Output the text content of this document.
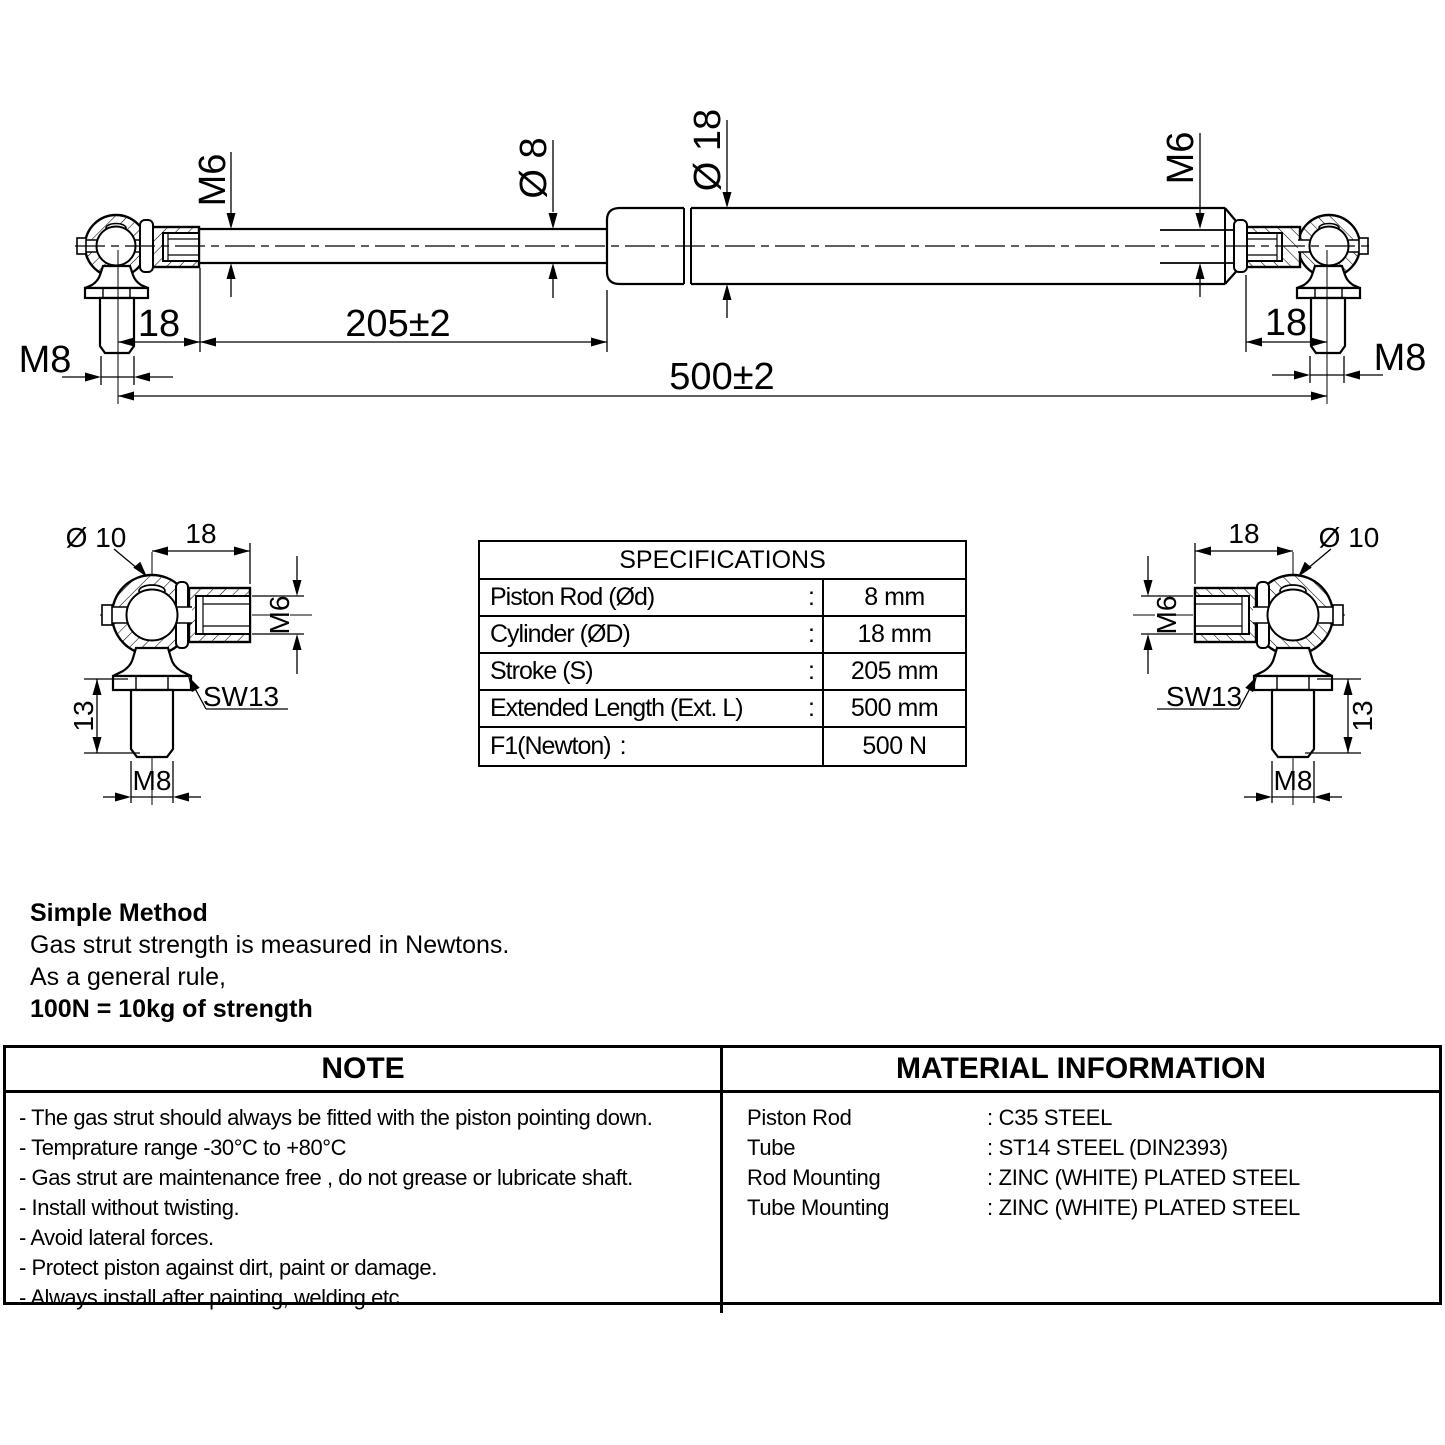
M6	Ø 8	Ø 18	M6
18	205±2	18
500±2
M8	M8
Ø 10 18
M6
SW13
13
M8
Ø 10
18
M6
SW13
13
M8
SPECIFICATIONS
Piston Rod (Ød)	:	8 mm
Cylinder (ØD)	:	18 mm
Stroke (S)	:	205 mm
Extended Length (Ext. L)	:	500 mm
F1(Newton) :	500 N
Simple Method
Gas strut strength is measured in Newtons.
As a general rule,
100N = 10kg of strength
NOTE	MATERIAL INFORMATION
- The gas strut should always be fitted with the piston pointing down.
- Temprature range -30°C to +80°C
- Gas strut are maintenance free , do not grease or lubricate shaft.
- Install without twisting.
- Avoid lateral forces.
- Protect piston against dirt, paint or damage.
- Always install after painting, welding etc.
Piston Rod	: C35 STEEL
Tube	: ST14 STEEL (DIN2393)
Rod Mounting	: ZINC (WHITE) PLATED STEEL
Tube Mounting	: ZINC (WHITE) PLATED STEEL
